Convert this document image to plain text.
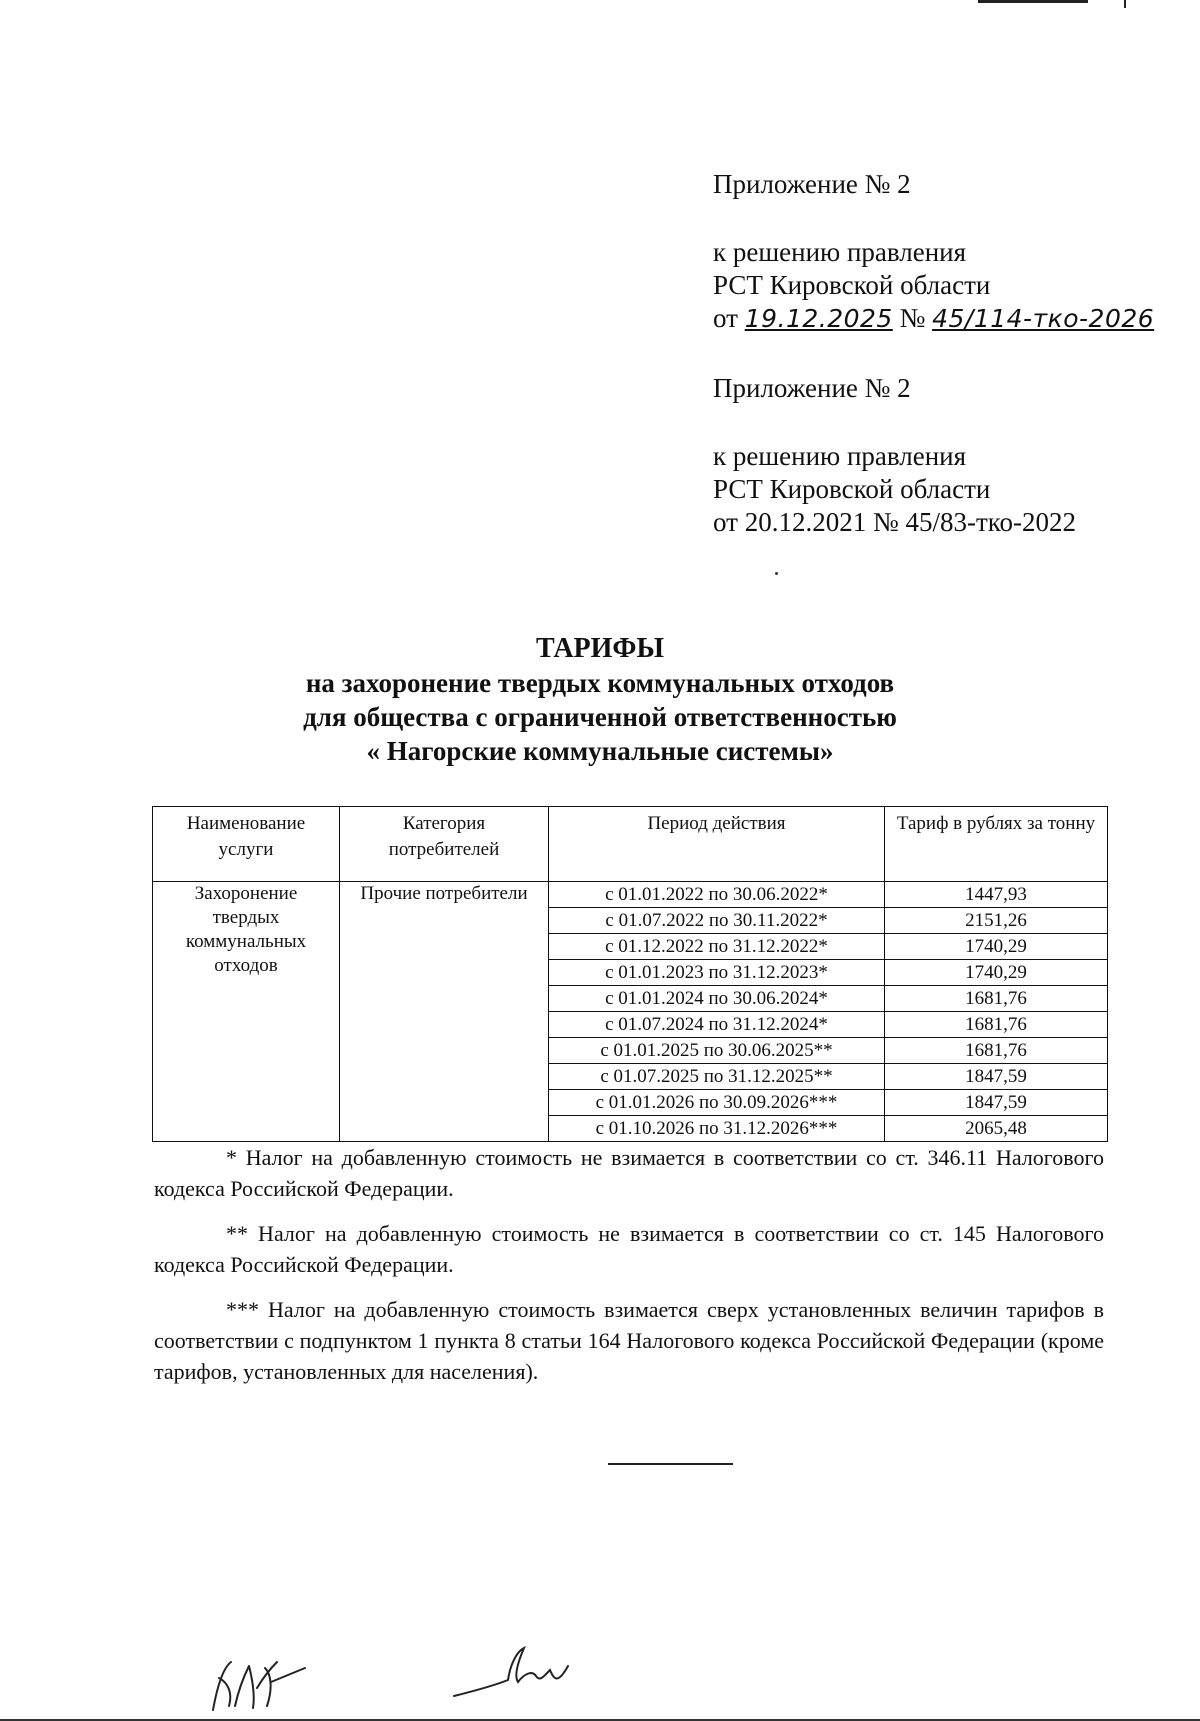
Приложение № 2

к решению правления

РСТ Кировской области

от 19.12.2025 № 45/114-тко-2026

Приложение № 2

к решению правления

РСТ Кировской области

от 20.12.2021 № 45/83-тко-2022

ТАРИФЫ
на захоронение твердых коммунальных отходов
для общества с ограниченной ответственностью
« Нагорские коммунальные системы»
Наименование услуги	Категория потребителей	Период действия	Тариф в рублях за тонну
Захоронение твердых коммунальных отходов	Прочие потребители	с 01.01.2022 по 30.06.2022*	1447,93
		с 01.07.2022 по 30.11.2022*	2151,26
		с 01.12.2022 по 31.12.2022*	1740,29
		с 01.01.2023 по 31.12.2023*	1740,29
		с 01.01.2024 по 30.06.2024*	1681,76
		с 01.07.2024 по 31.12.2024*	1681,76
		с 01.01.2025 по 30.06.2025**	1681,76
		с 01.07.2025 по 31.12.2025**	1847,59
		с 01.01.2026 по 30.09.2026***	1847,59
		с 01.10.2026 по 31.12.2026***	2065,48

* Налог на добавленную стоимость не взимается в соответствии со ст. 346.11 Налогового кодекса Российской Федерации.

** Налог на добавленную стоимость не взимается в соответствии со ст. 145 Налогового кодекса Российской Федерации.

*** Налог на добавленную стоимость взимается сверх установленных величин тарифов в соответствии с подпунктом 1 пункта 8 статьи 164 Налогового кодекса Российской Федерации (кроме тарифов, установленных для населения).
